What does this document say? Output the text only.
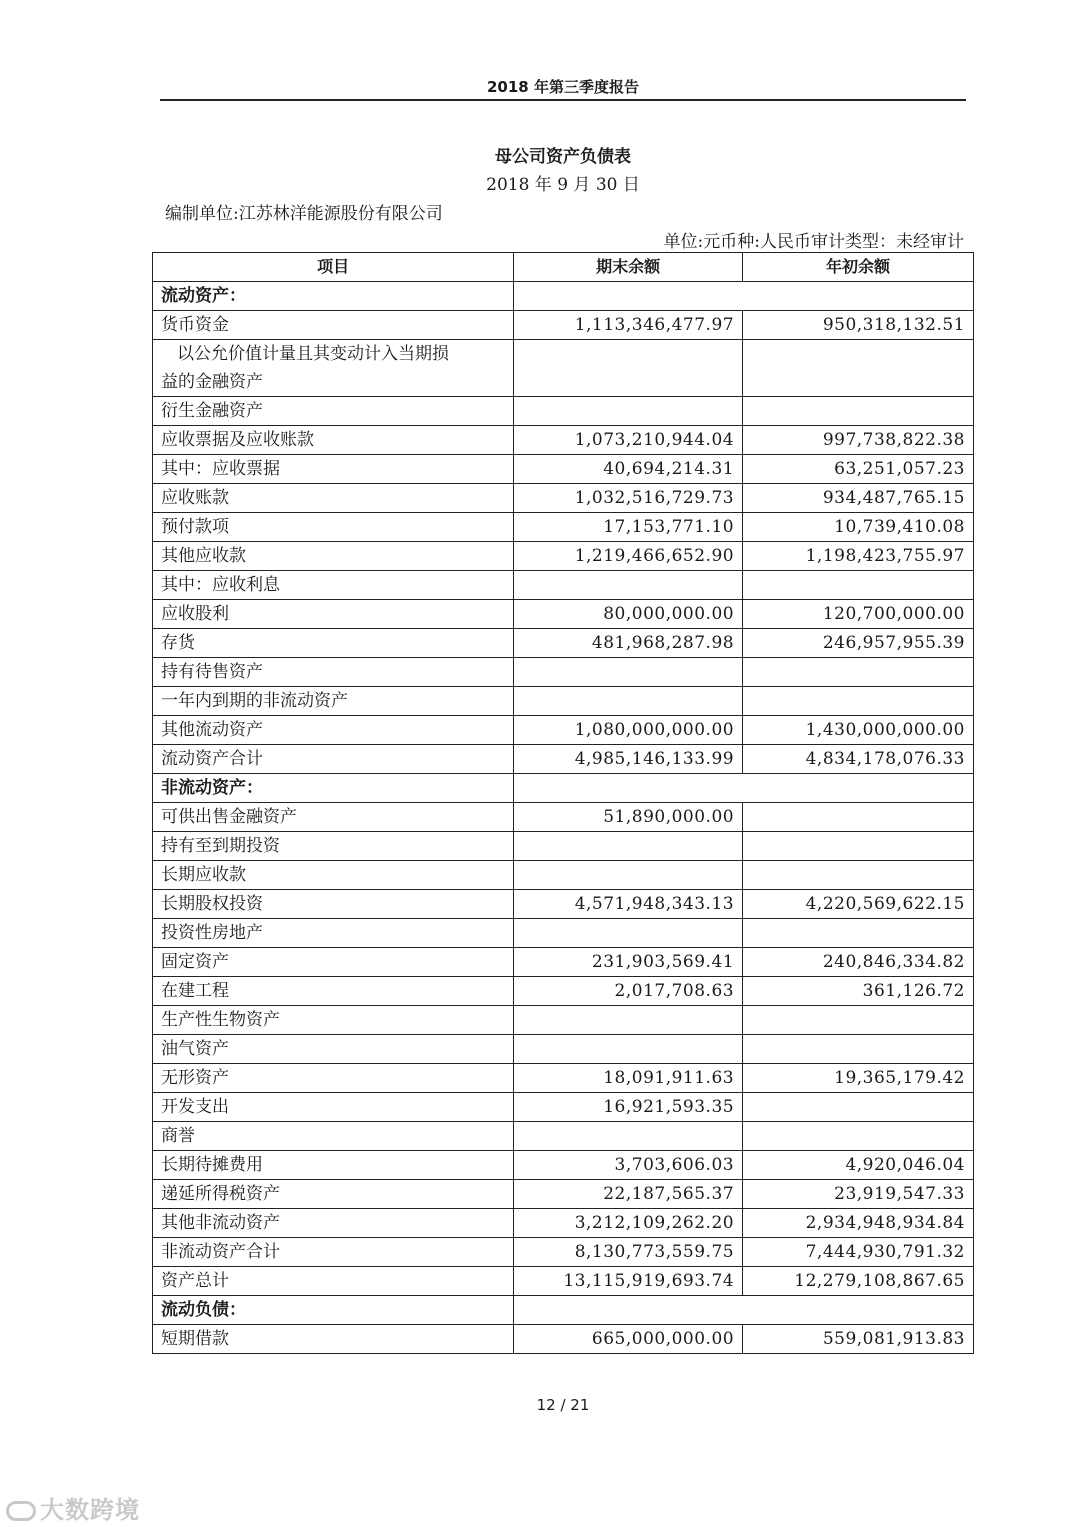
2018 年第三季度报告
母公司资产负债表
2018 年 9 月 30 日
编制单位:江苏林洋能源股份有限公司
单位:元币种:人民币审计类型：未经审计
项目	期末余额	年初余额
流动资产：		
货币资金	1,113,346,477.97	950,318,132.51
以公允价值计量且其变动计入当期损
益的金融资产		
衍生金融资产		
应收票据及应收账款	1,073,210,944.04	997,738,822.38
其中：应收票据	40,694,214.31	63,251,057.23
应收账款	1,032,516,729.73	934,487,765.15
预付款项	17,153,771.10	10,739,410.08
其他应收款	1,219,466,652.90	1,198,423,755.97
其中：应收利息		
应收股利	80,000,000.00	120,700,000.00
存货	481,968,287.98	246,957,955.39
持有待售资产		
一年内到期的非流动资产		
其他流动资产	1,080,000,000.00	1,430,000,000.00
流动资产合计	4,985,146,133.99	4,834,178,076.33
非流动资产：		
可供出售金融资产	51,890,000.00	
持有至到期投资		
长期应收款		
长期股权投资	4,571,948,343.13	4,220,569,622.15
投资性房地产		
固定资产	231,903,569.41	240,846,334.82
在建工程	2,017,708.63	361,126.72
生产性生物资产		
油气资产		
无形资产	18,091,911.63	19,365,179.42
开发支出	16,921,593.35	
商誉		
长期待摊费用	3,703,606.03	4,920,046.04
递延所得税资产	22,187,565.37	23,919,547.33
其他非流动资产	3,212,109,262.20	2,934,948,934.84
非流动资产合计	8,130,773,559.75	7,444,930,791.32
资产总计	13,115,919,693.74	12,279,108,867.65
流动负债：		
短期借款	665,000,000.00	559,081,913.83
12 / 21
大数跨境
